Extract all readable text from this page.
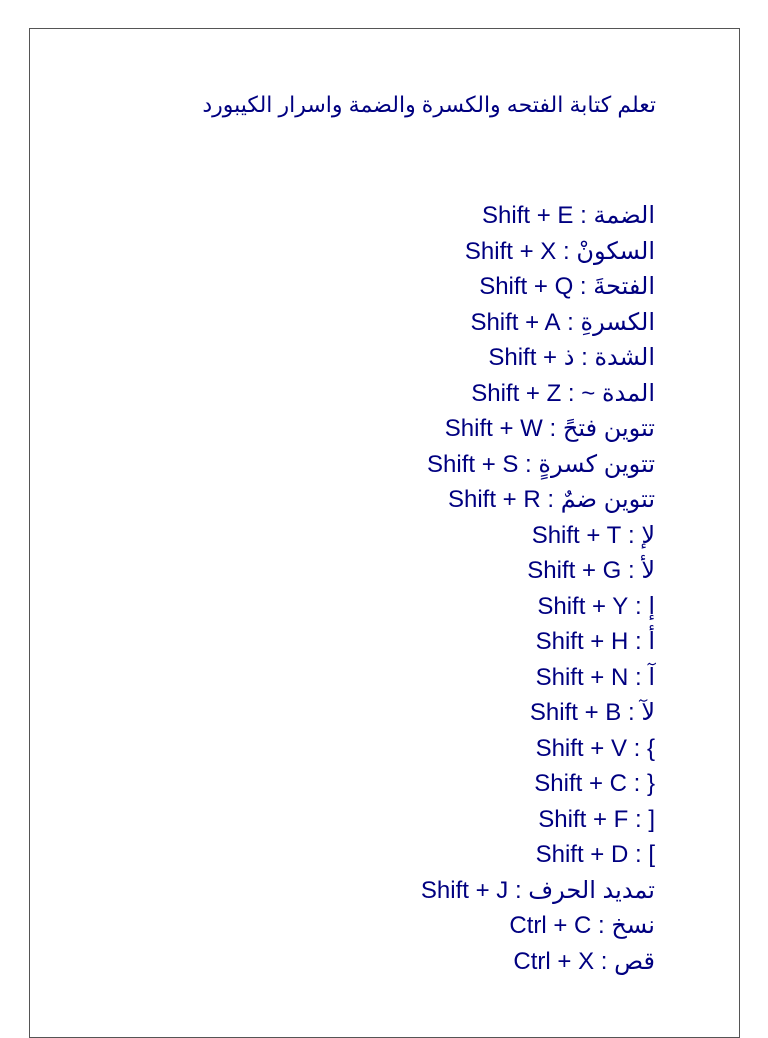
تعلم كتابة الفتحه والكسرة والضمة واسرار الكيبورد
الضمة : Shift + E
السكونْ : Shift + X
الفتحةَ : Shift + Q
الكسرةِ : Shift + A
الشدة : Shift + ذ
المدة ~ : Shift + Z
تتوين فتحً : Shift + W
تتوين كسرةٍ : Shift + S
تتوين ضمٌ : Shift + R
لإ : Shift + T
لأ : Shift + G
إ : Shift + Y
أ : Shift + H
آ : Shift + N
لآ : Shift + B
} : Shift + V
{ : Shift + C
[ : Shift + F
] : Shift + D
تمديد الحرف : Shift + J
نسخ : Ctrl + C
قص : Ctrl + X
